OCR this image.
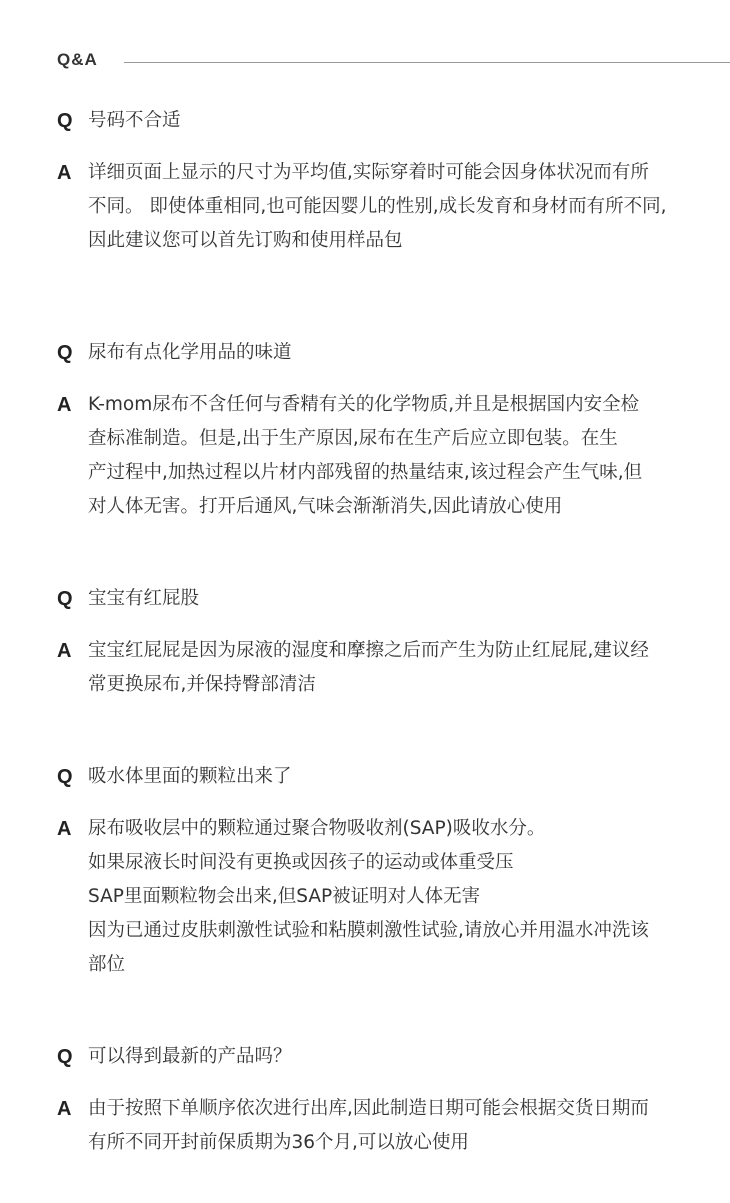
Q&A
Q 号码不合适
A 详细页面上显示的尺寸为平均值,实际穿着时可能会因身体状况而有所
不同。 即使体重相同,也可能因婴儿的性别,成长发育和身材而有所不同,
因此建议您可以首先订购和使用样品包
Q 尿布有点化学用品的味道
A K-mom尿布不含任何与香精有关的化学物质,并且是根据国内安全检
查标准制造。但是,出于生产原因,尿布在生产后应立即包装。在生
产过程中,加热过程以片材内部残留的热量结束,该过程会产生气味,但
对人体无害。打开后通风,气味会渐渐消失,因此请放心使用
Q 宝宝有红屁股
A 宝宝红屁屁是因为尿液的湿度和摩擦之后而产生为防止红屁屁,建议经
常更换尿布,并保持臀部清洁
Q 吸水体里面的颗粒出来了
A 尿布吸收层中的颗粒通过聚合物吸收剂(SAP)吸收水分。
如果尿液长时间没有更换或因孩子的运动或体重受压
SAP里面颗粒物会出来,但SAP被证明对人体无害
因为已通过皮肤刺激性试验和粘膜刺激性试验,请放心并用温水冲洗该
部位
Q 可以得到最新的产品吗？
A 由于按照下单顺序依次进行出库,因此制造日期可能会根据交货日期而
有所不同开封前保质期为36个月,可以放心使用
